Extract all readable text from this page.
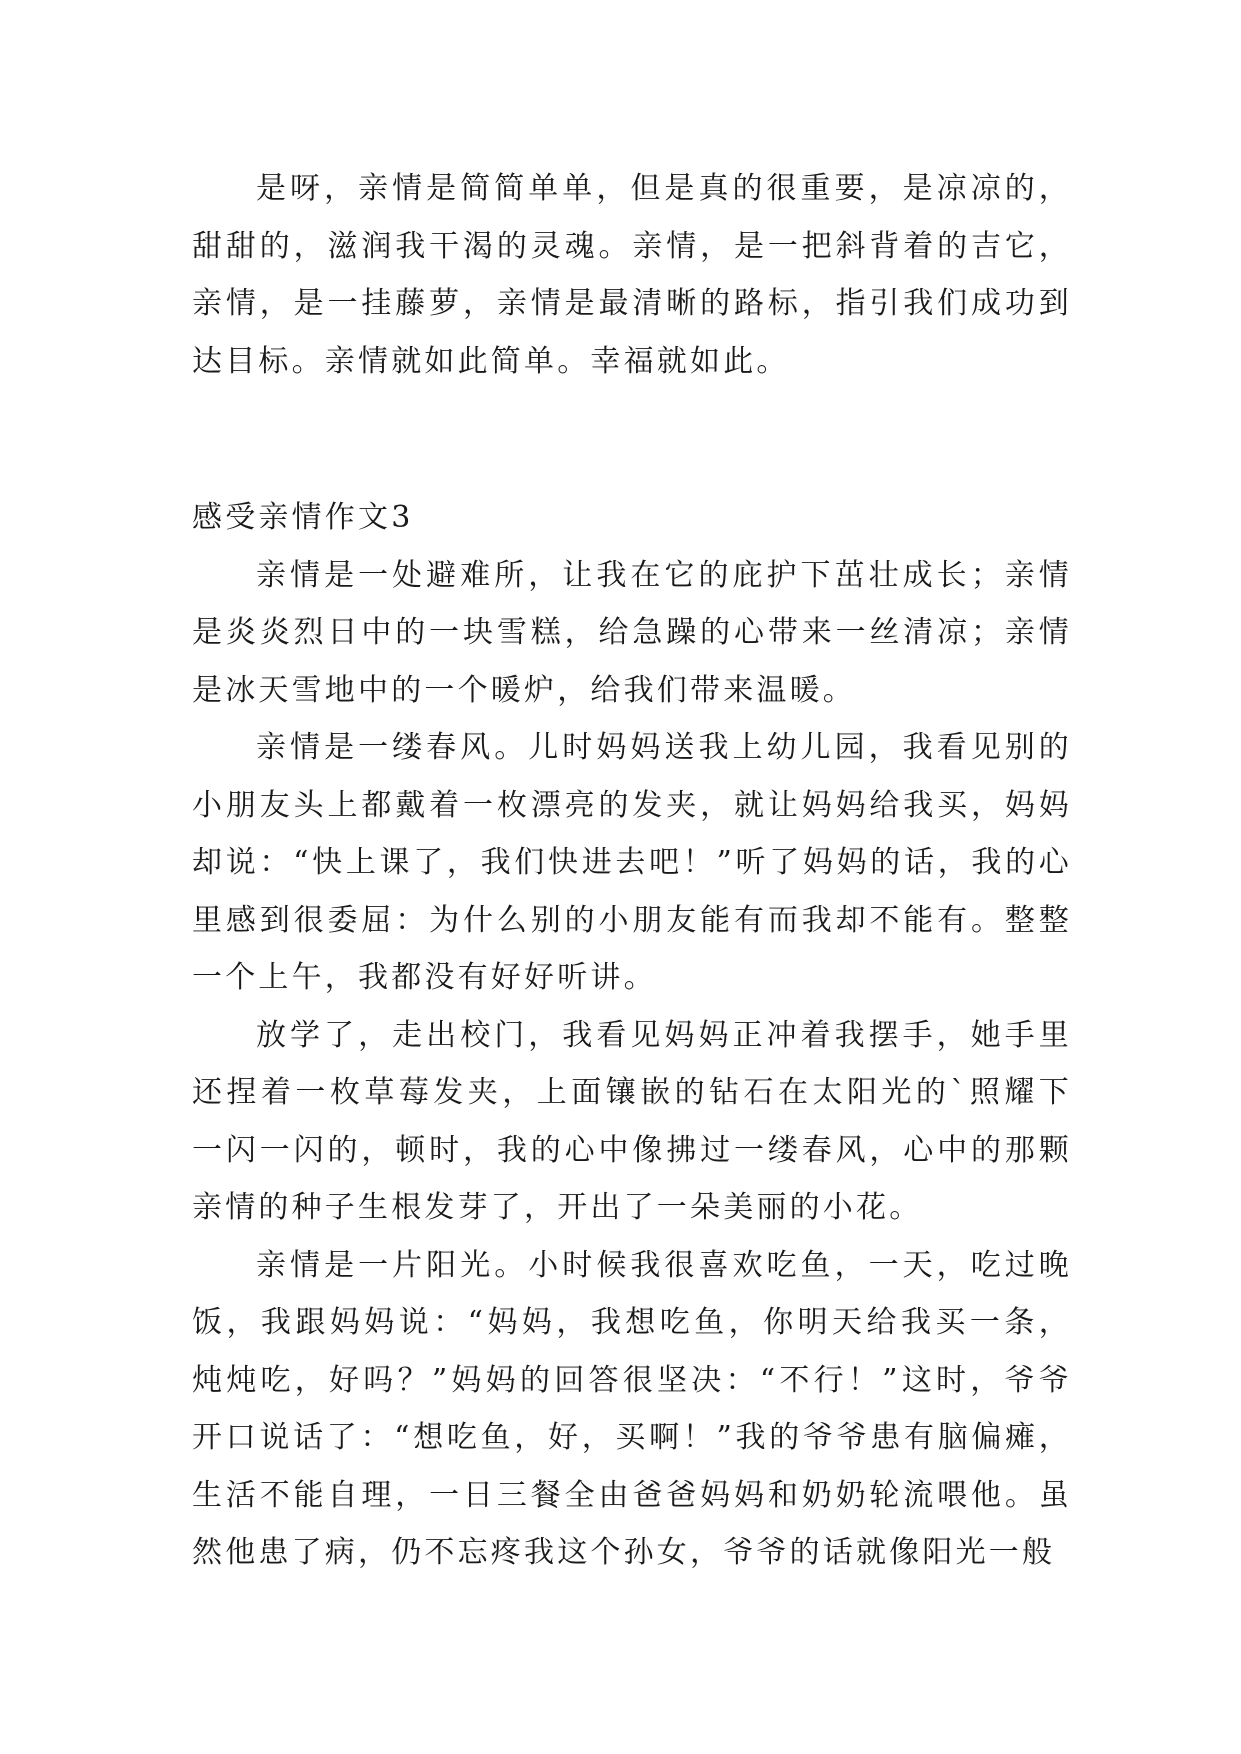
是呀，亲情是简简单单，但是真的很重要，是凉凉的，甜甜的，滋润我干渴的灵魂。亲情，是一把斜背着的吉它，亲情，是一挂藤萝，亲情是最清晰的路标，指引我们成功到达目标。亲情就如此简单。幸福就如此。

感受亲情作文3

亲情是一处避难所，让我在它的庇护下茁壮成长；亲情是炎炎烈日中的一块雪糕，给急躁的心带来一丝清凉；亲情是冰天雪地中的一个暖炉，给我们带来温暖。

亲情是一缕春风。儿时妈妈送我上幼儿园，我看见别的小朋友头上都戴着一枚漂亮的发夹，就让妈妈给我买，妈妈却说：“快上课了，我们快进去吧！”听了妈妈的话，我的心里感到很委屈：为什么别的小朋友能有而我却不能有。整整一个上午，我都没有好好听讲。

放学了，走出校门，我看见妈妈正冲着我摆手，她手里还捏着一枚草莓发夹，上面镶嵌的钻石在太阳光的`照耀下一闪一闪的，顿时，我的心中像拂过一缕春风，心中的那颗亲情的种子生根发芽了，开出了一朵美丽的小花。

亲情是一片阳光。小时候我很喜欢吃鱼，一天，吃过晚饭，我跟妈妈说：“妈妈，我想吃鱼，你明天给我买一条，炖炖吃，好吗？”妈妈的回答很坚决：“不行！”这时，爷爷开口说话了：“想吃鱼，好，买啊！”我的爷爷患有脑偏瘫，生活不能自理，一日三餐全由爸爸妈妈和奶奶轮流喂他。虽然他患了病，仍不忘疼我这个孙女，爷爷的话就像阳光一般
